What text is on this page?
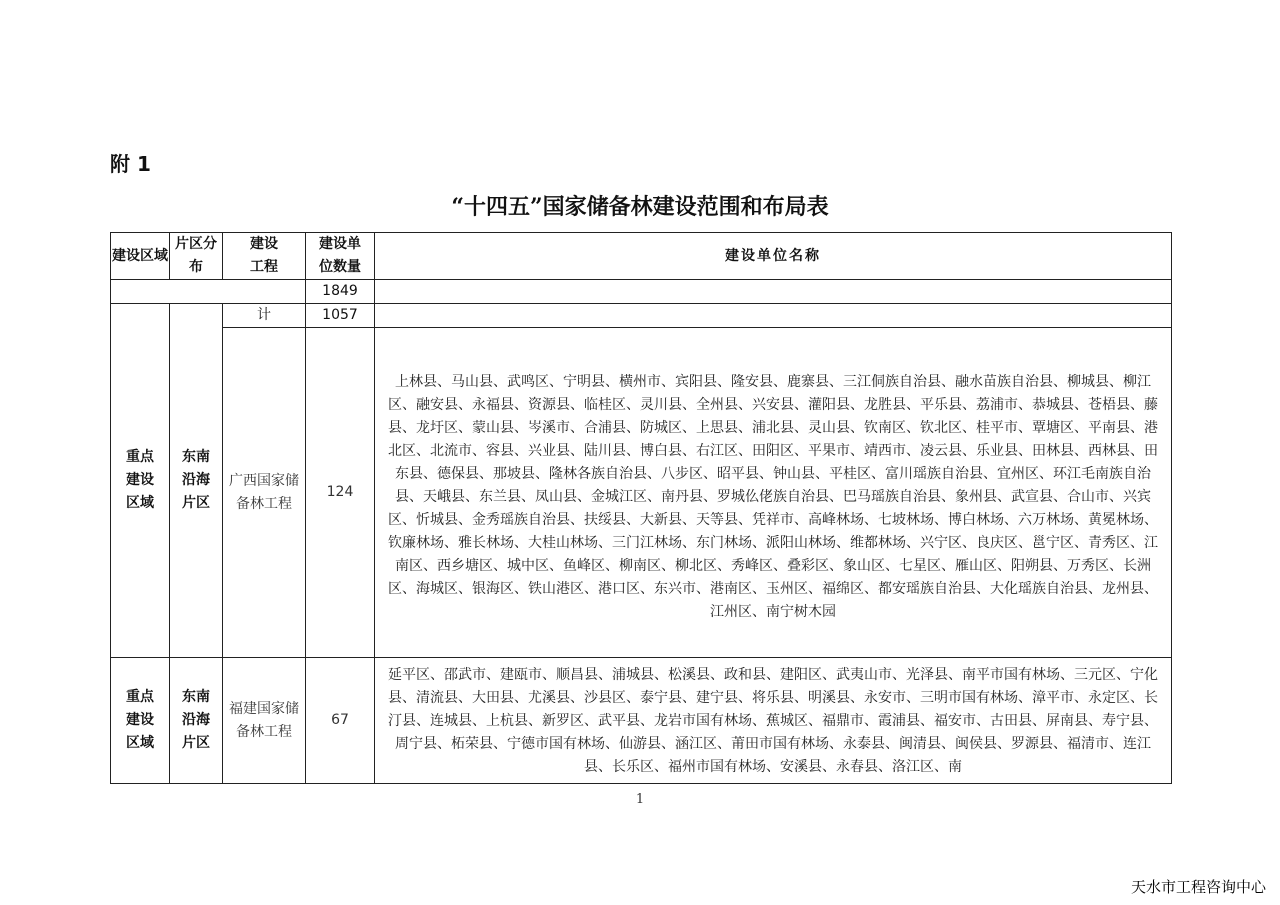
附 1
“十四五”国家储备林建设范围和布局表
建设区域	片区分布	建设工程	建设单位数量	建设单位名称
			1849	
重点建设区域	东南沿海片区	计	1057	
		广西国家储备林工程	124	上林县、马山县、武鸣区、宁明县、横州市、宾阳县、隆安县、鹿寨县、三江侗族自治县、融水苗族自治县、柳城县、柳江区、融安县、永福县、资源县、临桂区、灵川县、全州县、兴安县、灌阳县、龙胜县、平乐县、荔浦市、恭城县、苍梧县、藤县、龙圩区、蒙山县、岑溪市、合浦县、防城区、上思县、浦北县、灵山县、钦南区、钦北区、桂平市、覃塘区、平南县、港北区、北流市、容县、兴业县、陆川县、博白县、右江区、田阳区、平果市、靖西市、凌云县、乐业县、田林县、西林县、田东县、德保县、那坡县、隆林各族自治县、八步区、昭平县、钟山县、平桂区、富川瑶族自治县、宜州区、环江毛南族自治县、天峨县、东兰县、凤山县、金城江区、南丹县、罗城仫佬族自治县、巴马瑶族自治县、象州县、武宣县、合山市、兴宾区、忻城县、金秀瑶族自治县、扶绥县、大新县、天等县、凭祥市、高峰林场、七坡林场、博白林场、六万林场、黄冕林场、钦廉林场、雅长林场、大桂山林场、三门江林场、东门林场、派阳山林场、维都林场、兴宁区、良庆区、邕宁区、青秀区、江南区、西乡塘区、城中区、鱼峰区、柳南区、柳北区、秀峰区、叠彩区、象山区、七星区、雁山区、阳朔县、万秀区、长洲区、海城区、银海区、铁山港区、港口区、东兴市、港南区、玉州区、福绵区、都安瑶族自治县、大化瑶族自治县、龙州县、江州区、南宁树木园
重点建设区域	东南沿海片区	福建国家储备林工程	67	延平区、邵武市、建瓯市、顺昌县、浦城县、松溪县、政和县、建阳区、武夷山市、光泽县、南平市国有林场、三元区、宁化县、清流县、大田县、尤溪县、沙县区、泰宁县、建宁县、将乐县、明溪县、永安市、三明市国有林场、漳平市、永定区、长汀县、连城县、上杭县、新罗区、武平县、龙岩市国有林场、蕉城区、福鼎市、霞浦县、福安市、古田县、屏南县、寿宁县、周宁县、柘荣县、宁德市国有林场、仙游县、涵江区、莆田市国有林场、永泰县、闽清县、闽侯县、罗源县、福清市、连江县、长乐区、福州市国有林场、安溪县、永春县、洛江区、南
1
天水市工程咨询中心
